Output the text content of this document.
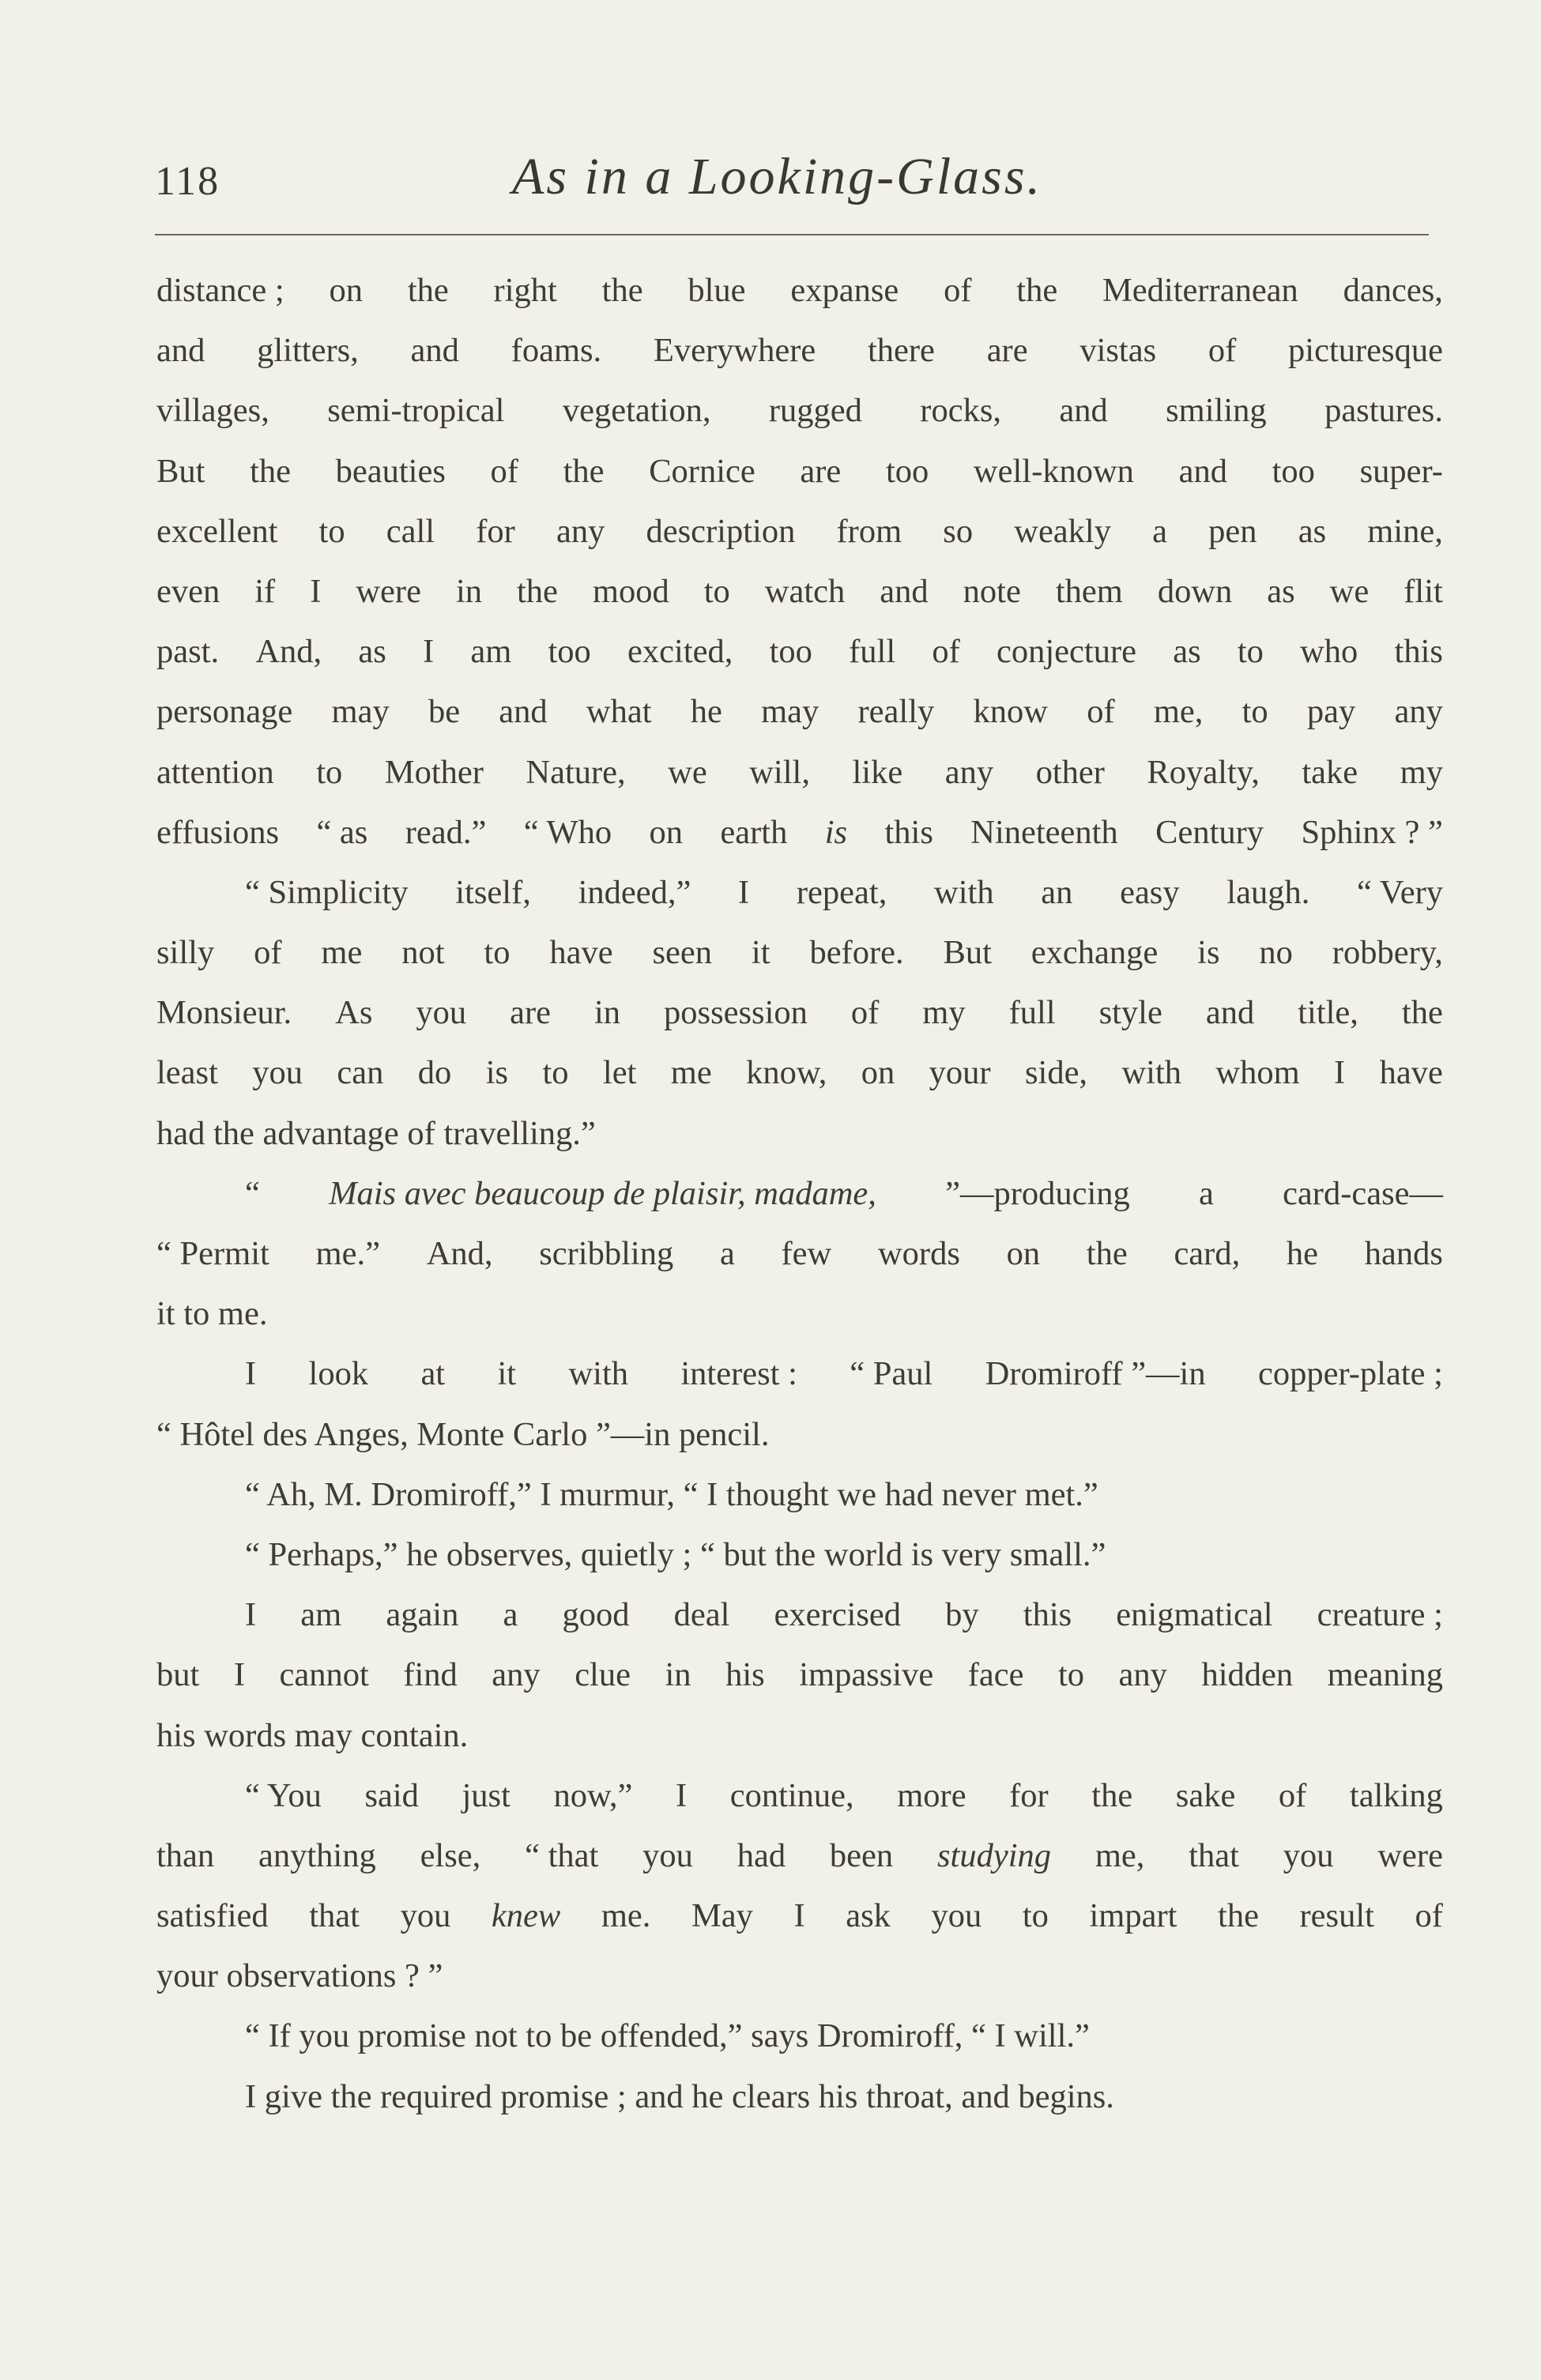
118	As in a Looking-Glass.
distance ; on the right the blue expanse of the Mediterranean dances,
and glitters, and foams. Everywhere there are vistas of picturesque
villages, semi-tropical vegetation, rugged rocks, and smiling pastures.
But the beauties of the Cornice are too well-known and too super-
excellent to call for any description from so weakly a pen as mine,
even if I were in the mood to watch and note them down as we flit
past. And, as I am too excited, too full of conjecture as to who this
personage may be and what he may really know of me, to pay any
attention to Mother Nature, we will, like any other Royalty, take my
effusions “ as read.” “ Who on earth is this Nineteenth Century Sphinx ? ”
“ Simplicity itself, indeed,” I repeat, with an easy laugh. “ Very
silly of me not to have seen it before. But exchange is no robbery,
Monsieur. As you are in possession of my full style and title, the
least you can do is to let me know, on your side, with whom I have
had the advantage of travelling.”
“ Mais avec beaucoup de plaisir, madame, ”—producing a card-case—
“ Permit me.” And, scribbling a few words on the card, he hands
it to me.
I look at it with interest : “ Paul Dromiroff ”—in copper-plate ;
“ Hôtel des Anges, Monte Carlo ”—in pencil.
“ Ah, M. Dromiroff,” I murmur, “ I thought we had never met.”
“ Perhaps,” he observes, quietly ; “ but the world is very small.”
I am again a good deal exercised by this enigmatical creature ;
but I cannot find any clue in his impassive face to any hidden meaning
his words may contain.
“ You said just now,” I continue, more for the sake of talking
than anything else, “ that you had been studying me, that you were
satisfied that you knew me. May I ask you to impart the result of
your observations ? ”
“ If you promise not to be offended,” says Dromiroff, “ I will.”
I give the required promise ; and he clears his throat, and begins.
